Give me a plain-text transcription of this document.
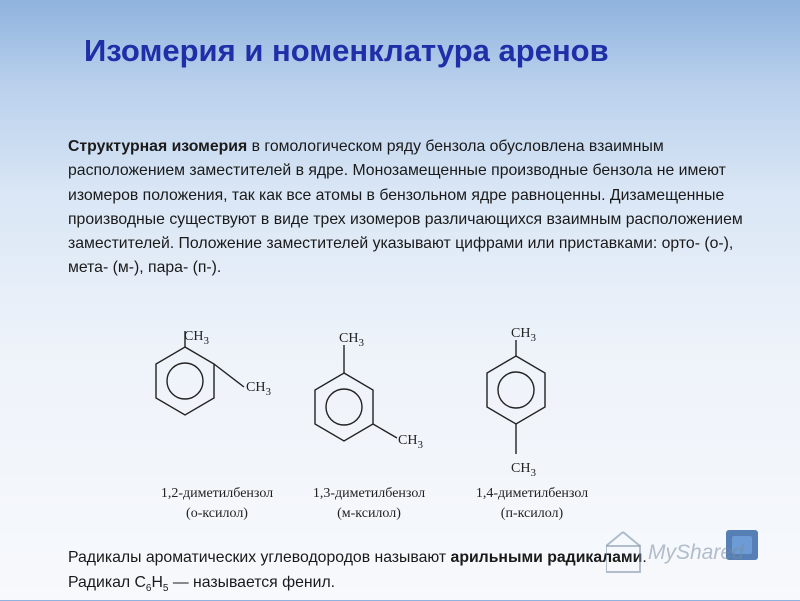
Изомерия и номенклатура аренов
Структурная изомерия в гомологическом ряду бензола обусловлена взаимным расположением заместителей в ядре. Монозамещенные производные бензола не имеют изомеров положения, так как все атомы в бензольном ядре равноценны. Дизамещенные производные существуют в виде трех изомеров различающихся взаимным расположением заместителей. Положение заместителей указывают цифрами или приставками: орто- (о-), мета- (м-), пара- (п-).
$CH_3$
$CH_3$
$CH_3$
$CH_3$
$CH_3$
$CH_3$
1,2-диметилбензол
(о-ксилол)
1,3-диметилбензол
(м-ксилол)
1,4-диметилбензол
(п-ксилол)
Радикалы ароматических углеводородов называют арильными радикалами.
Радикал $С_6Н_5$ — называется фенил.
MyShared
